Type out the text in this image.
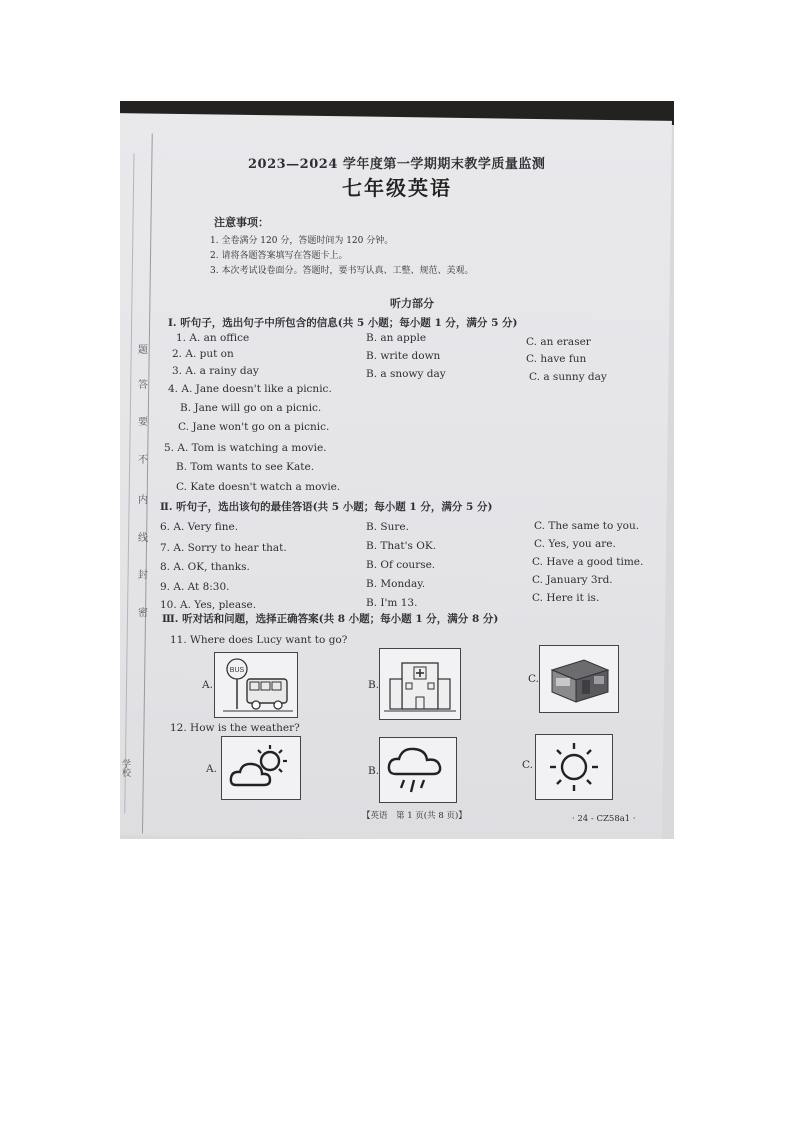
题
答
要
不
内
线
封
密
学校
2023—2024 学年度第一学期期末教学质量监测
七年级英语
注意事项：
1. 全卷满分 120 分，答题时间为 120 分钟。
2. 请将各题答案填写在答题卡上。
3. 本次考试设卷面分。答题时，要书写认真、工整、规范、美观。
听力部分
Ⅰ. 听句子，选出句子中所包含的信息(共 5 小题；每小题 1 分，满分 5 分)
1. A. an office	B. an apple	C. an eraser
2. A. put on	B. write down	C. have fun
3. A. a rainy day	B. a snowy day	C. a sunny day
4. A. Jane doesn't like a picnic.
B. Jane will go on a picnic.
C. Jane won't go on a picnic.
5. A. Tom is watching a movie.
B. Tom wants to see Kate.
C. Kate doesn't watch a movie.
Ⅱ. 听句子，选出该句的最佳答语(共 5 小题；每小题 1 分，满分 5 分)
6. A. Very fine.	B. Sure.	C. The same to you.
7. A. Sorry to hear that.	B. That's OK.	C. Yes, you are.
8. A. OK, thanks.	B. Of course.	C. Have a good time.
9. A. At 8:30.	B. Monday.	C. January 3rd.
10. A. Yes, please.	B. I'm 13.	C. Here it is.
Ⅲ. 听对话和问题，选择正确答案(共 8 小题；每小题 1 分，满分 8 分)
11. Where does Lucy want to go?
A.
BUS
B.	C.
12. How is the weather?
A.	B.	C.
【英语　第 1 页(共 8 页)】	· 24 - CZ58a1 ·
